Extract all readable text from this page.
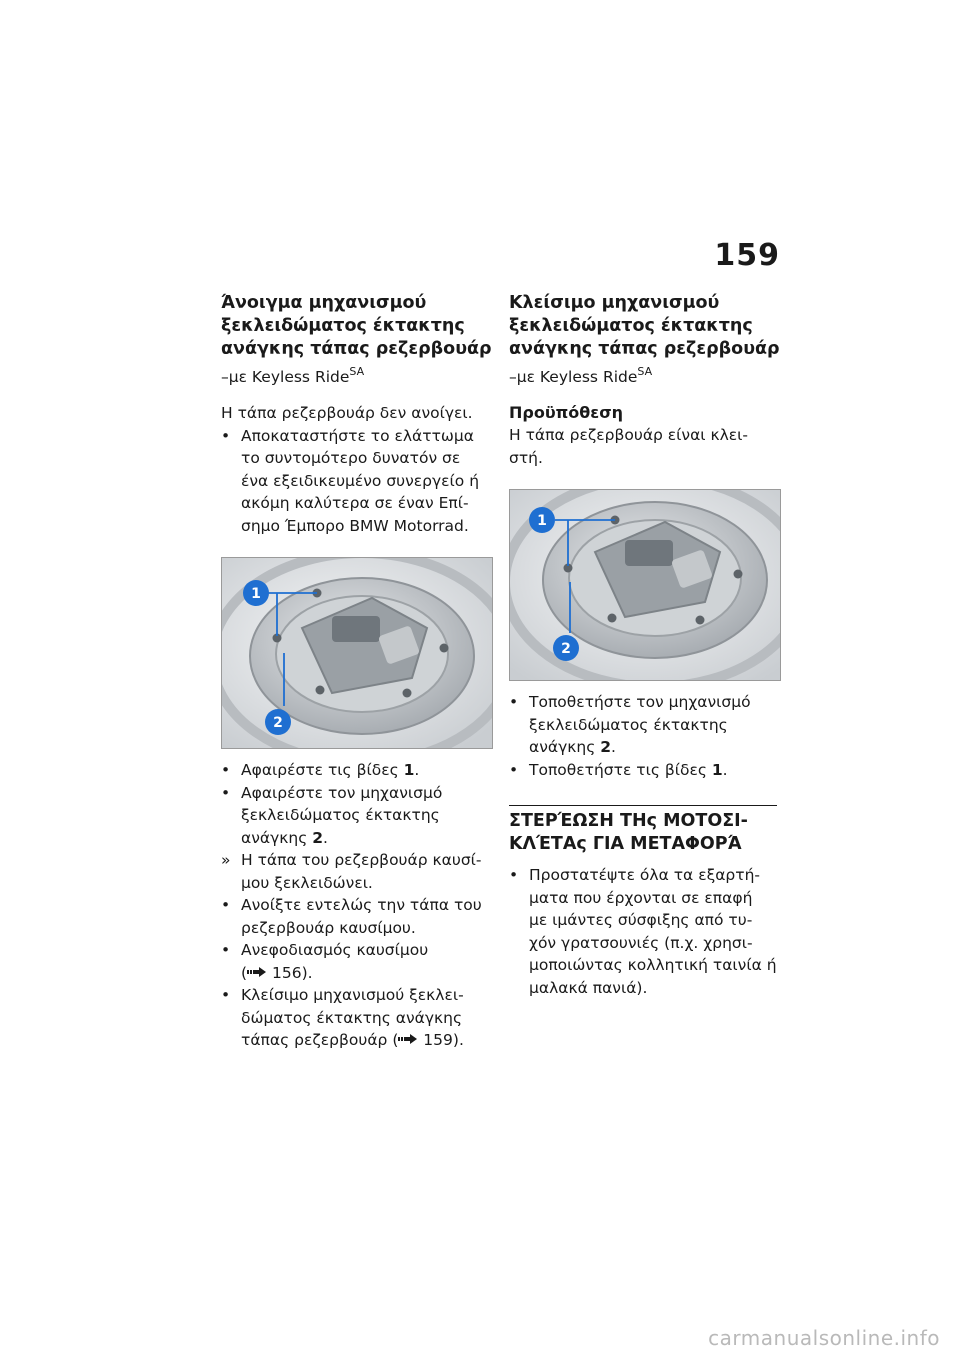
159
Άνοιγμα μηχανισμού ξεκλειδώματος έκτακτης ανάγκης τάπας ρεζερβουάρ

–με Keyless Ride$^{SA}$

Η τάπα ρεζερβουάρ δεν ανοίγει.

• Αποκαταστήστε το ελάττωμα
το συντομότερο δυνατόν σε
ένα εξειδικευμένο συνεργείο ή
ακόμη καλύτερα σε έναν Επί-
σημο Έμπορο BMW Motorrad.
1
2
• Αφαιρέστε τις βίδες 1.
• Αφαιρέστε τον μηχανισμό
ξεκλειδώματος έκτακτης
ανάγκης 2.
» Η τάπα του ρεζερβουάρ καυσί-
μου ξεκλειδώνει.
• Ανοίξτε εντελώς την τάπα του
ρεζερβουάρ καυσίμου.
• Ανεφοδιασμός καυσίμου
(
156).
• Κλείσιμο μηχανισμού ξεκλει-
δώματος έκτακτης ανάγκης
τάπας ρεζερβουάρ (
159).
Κλείσιμο μηχανισμού ξεκλειδώματος έκτακτης ανάγκης τάπας ρεζερβουάρ

–με Keyless Ride$^{SA}$

Προϋπόθεση

Η τάπα ρεζερβουάρ είναι κλει-
στή.

1
2
• Τοποθετήστε τον μηχανισμό
ξεκλειδώματος έκτακτης
ανάγκης 2.
• Τοποθετήστε τις βίδες 1.
ΣΤΕΡΈΩΣΗ ΤΗς ΜΟΤΟΣΙ-
ΚΛΈΤΑς ΓΙΑ ΜΕΤΑΦΟΡΆ
• Προστατέψτε όλα τα εξαρτή-
ματα που έρχονται σε επαφή
με ιμάντες σύσφιξης από τυ-
χόν γρατσουνιές (π.χ. χρησι-
μοποιώντας κολλητική ταινία ή
μαλακά πανιά).
carmanualsonline.info
